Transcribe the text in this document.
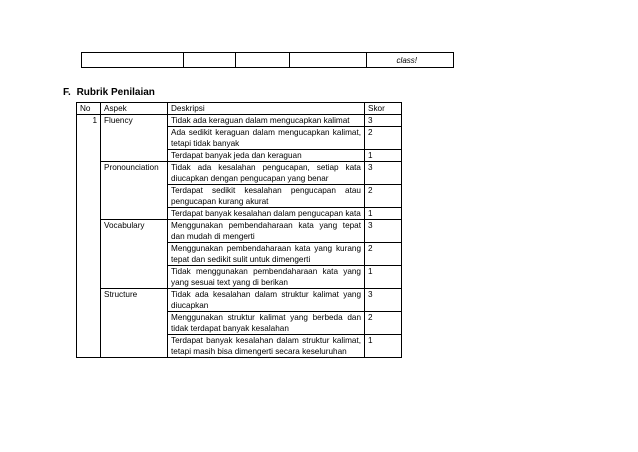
				class!
F. Rubrik Penilaian
No	Aspek	Deskripsi	Skor
1	Fluency	Tidak ada keraguan dalam mengucapkan kalimat	3
		Ada sedikit keraguan dalam mengucapkan kalimat, tetapi tidak banyak	2
		Terdapat banyak jeda dan keraguan	1
	Pronounciation	Tidak ada kesalahan pengucapan, setiap kata diucapkan dengan pengucapan yang benar	3
		Terdapat sedikit kesalahan pengucapan atau pengucapan kurang akurat	2
		Terdapat banyak kesalahan dalam pengucapan kata	1
	Vocabulary	Menggunakan pembendaharaan kata yang tepat dan mudah di mengerti	3
		Menggunakan pembendaharaan kata yang kurang tepat dan sedikit sulit untuk dimengerti	2
		Tidak menggunakan pembendaharaan kata yang yang sesuai text yang di berikan	1
	Structure	Tidak ada kesalahan dalam struktur kalimat yang diucapkan	3
		Menggunakan struktur kalimat yang berbeda dan tidak terdapat banyak kesalahan	2
		Terdapat banyak kesalahan dalam struktur kalimat, tetapi masih bisa dimengerti secara keseluruhan	1
